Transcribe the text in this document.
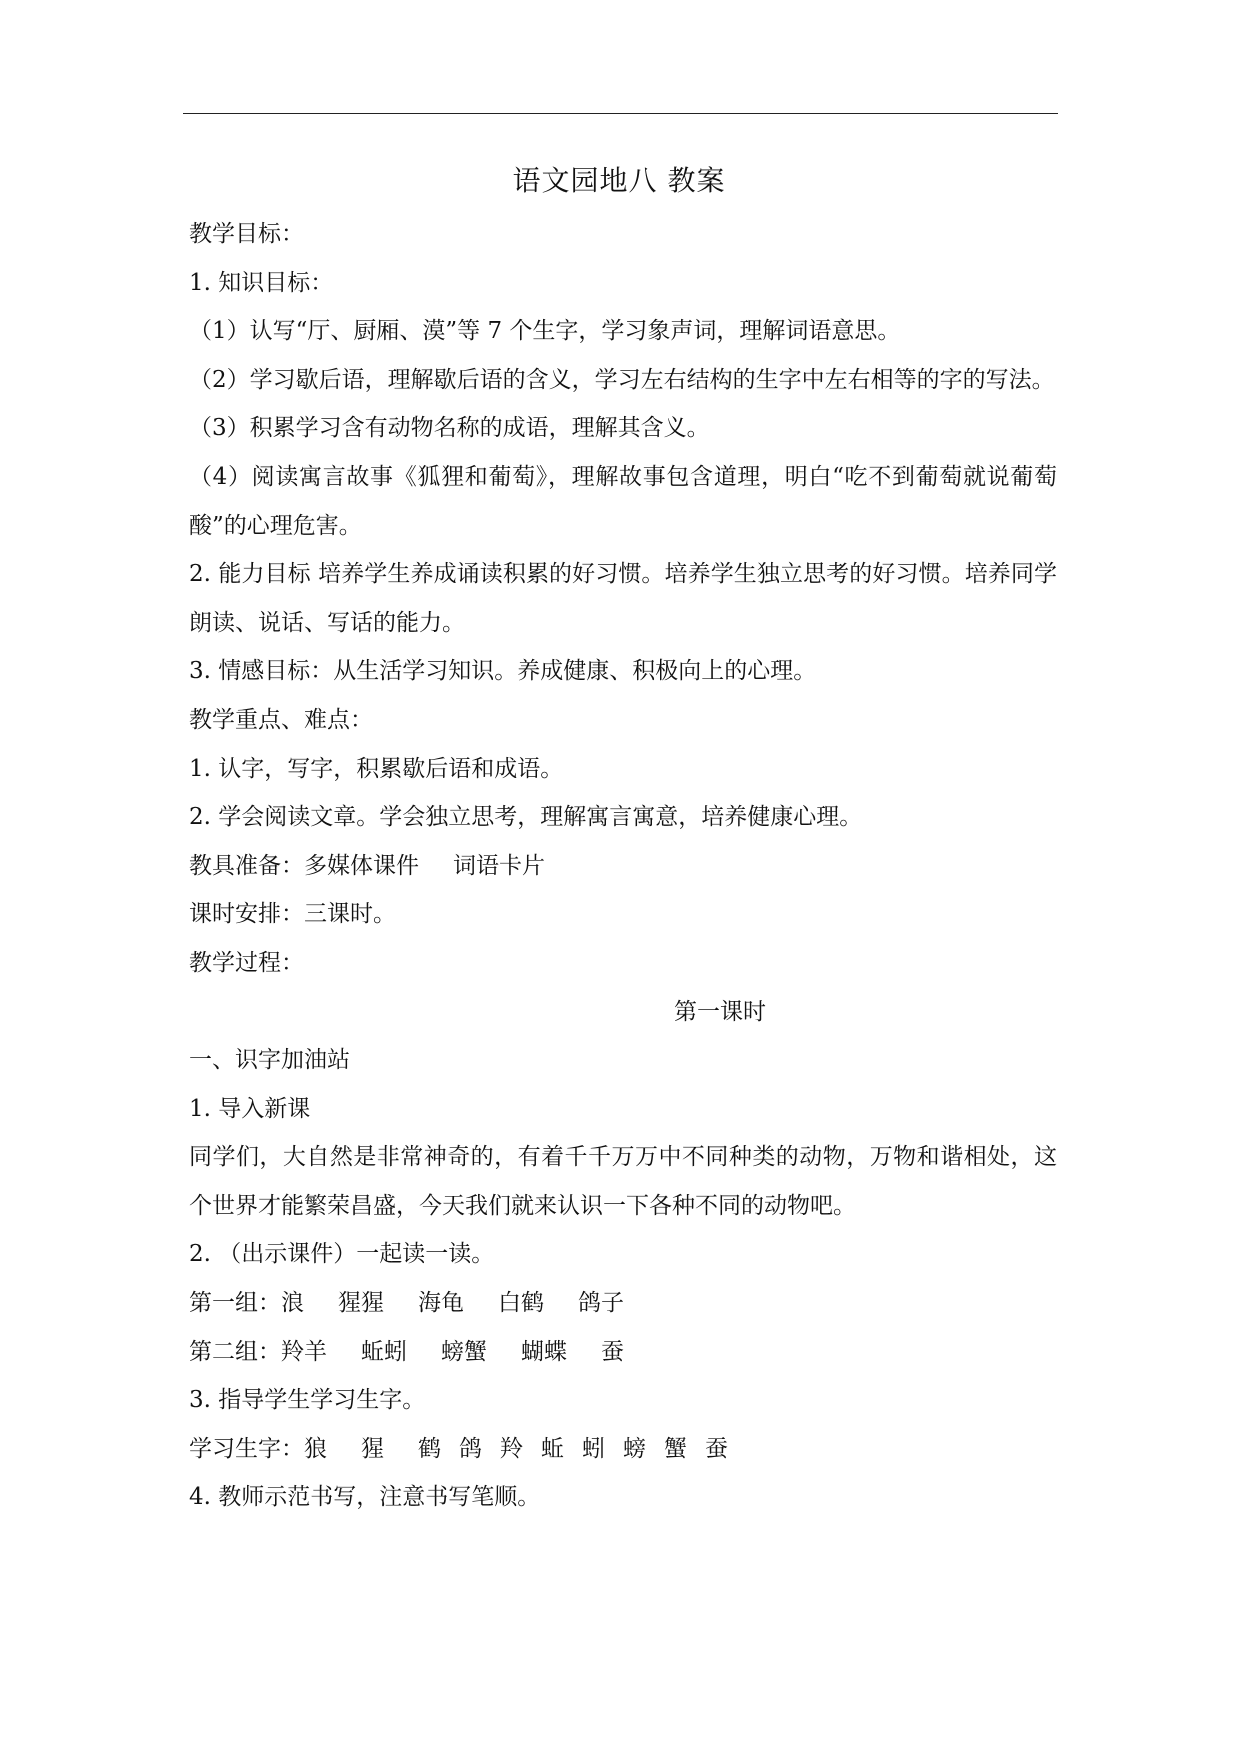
语文园地八 教案

教学目标：

1. 知识目标：

（1）认写“厅、厨厢、漠”等 7 个生字，学习象声词，理解词语意思。

（2）学习歇后语，理解歇后语的含义，学习左右结构的生字中左右相等的字的写法。

（3）积累学习含有动物名称的成语，理解其含义。

（4）阅读寓言故事《狐狸和葡萄》，理解故事包含道理，明白“吃不到葡萄就说葡萄酸”的心理危害。

2. 能力目标 培养学生养成诵读积累的好习惯。培养学生独立思考的好习惯。培养同学朗读、说话、写话的能力。

3. 情感目标：从生活学习知识。养成健康、积极向上的心理。

教学重点、难点：

1. 认字，写字，积累歇后语和成语。

2. 学会阅读文章。学会独立思考，理解寓言寓意，培养健康心理。

教具准备：多媒体课件 词语卡片

课时安排：三课时。

教学过程：

第一课时

一、识字加油站

1. 导入新课

同学们，大自然是非常神奇的，有着千千万万中不同种类的动物，万物和谐相处，这个世界才能繁荣昌盛，今天我们就来认识一下各种不同的动物吧。

2. （出示课件）一起读一读。

第一组：浪 猩猩 海龟 白鹤 鸽子

第二组：羚羊 蚯蚓 螃蟹 蝴蝶 蚕

3. 指导学生学习生字。

学习生字：狼 猩 鹤 鸽 羚 蚯 蚓 螃 蟹 蚕

4. 教师示范书写，注意书写笔顺。
